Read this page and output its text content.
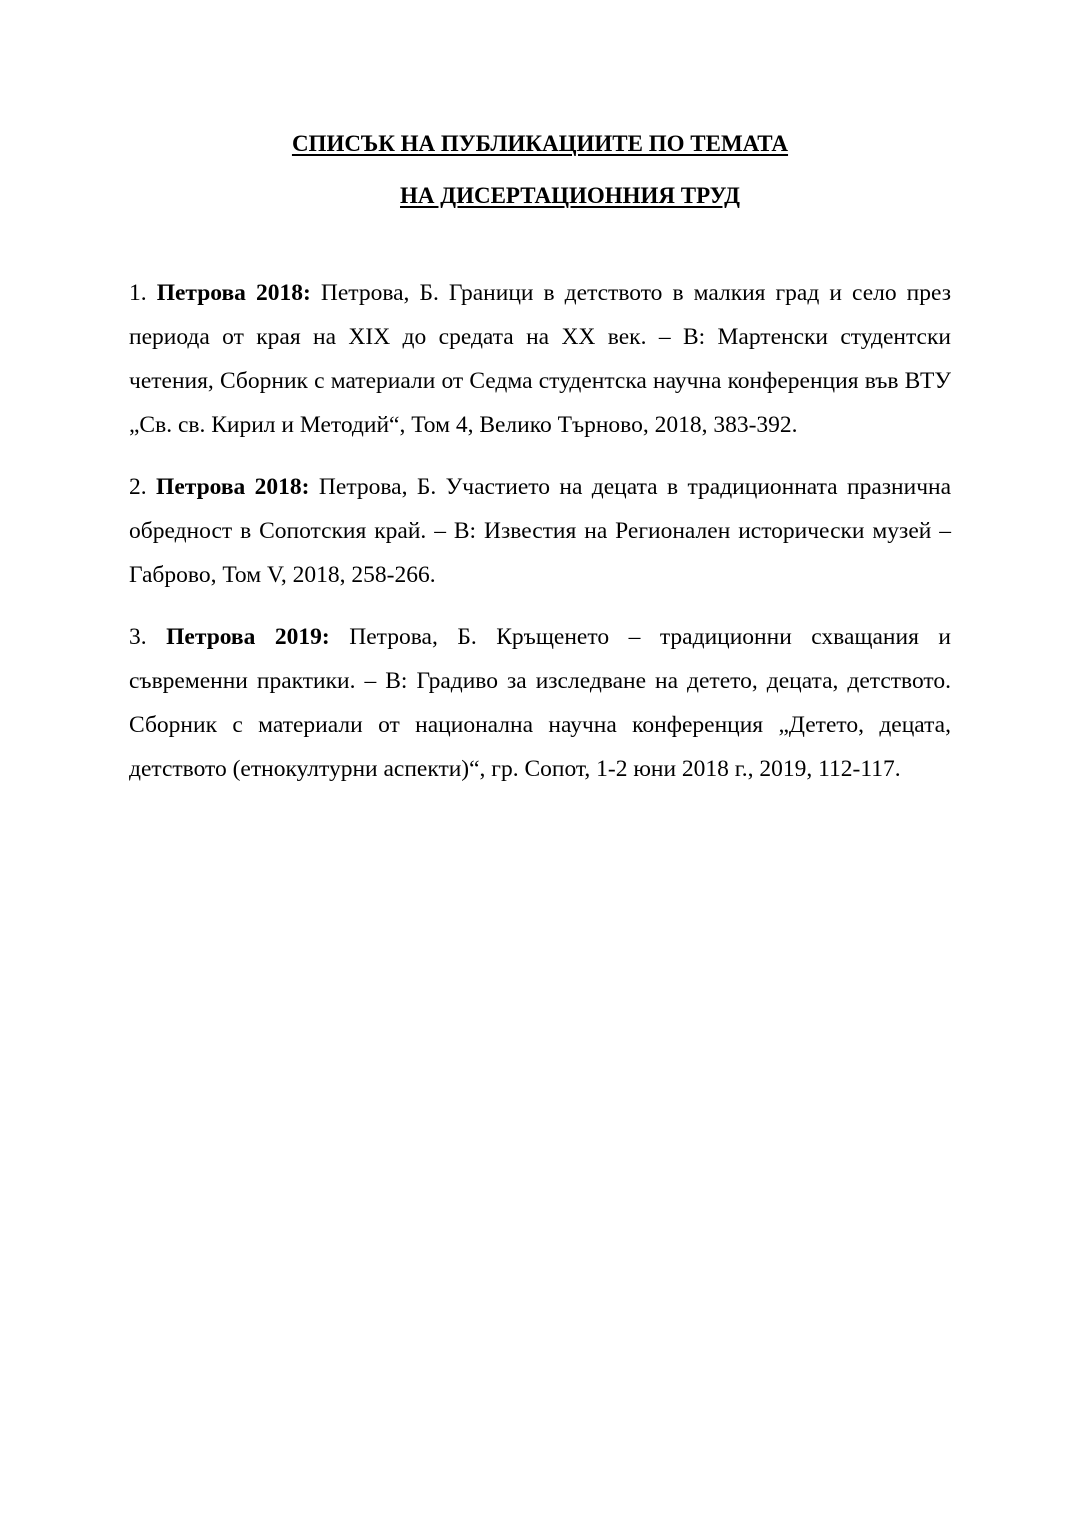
СПИСЪК НА ПУБЛИКАЦИИТЕ ПО ТЕМАТА
НА ДИСЕРТАЦИОННИЯ ТРУД

1. Петрова 2018: Петрова, Б. Граници в детството в малкия град и село през периода от края на XIX до средата на XX век. – В: Мартенски студентски четения, Сборник с материали от Седма студентска научна конференция във ВТУ „Св. св. Кирил и Методий“, Том 4, Велико Търново, 2018, 383-392.

2. Петрова 2018: Петрова, Б. Участието на децата в традиционната празнична обредност в Сопотския край. – В: Известия на Регионален исторически музей – Габрово, Том V, 2018, 258-266.

3. Петрова 2019: Петрова, Б. Кръщенето – традиционни схващания и съвременни практики. – В: Градиво за изследване на детето, децата, детството. Сборник с материали от национална научна конференция „Детето, децата, детството (етнокултурни аспекти)“, гр. Сопот, 1-2 юни 2018 г., 2019, 112-117.
